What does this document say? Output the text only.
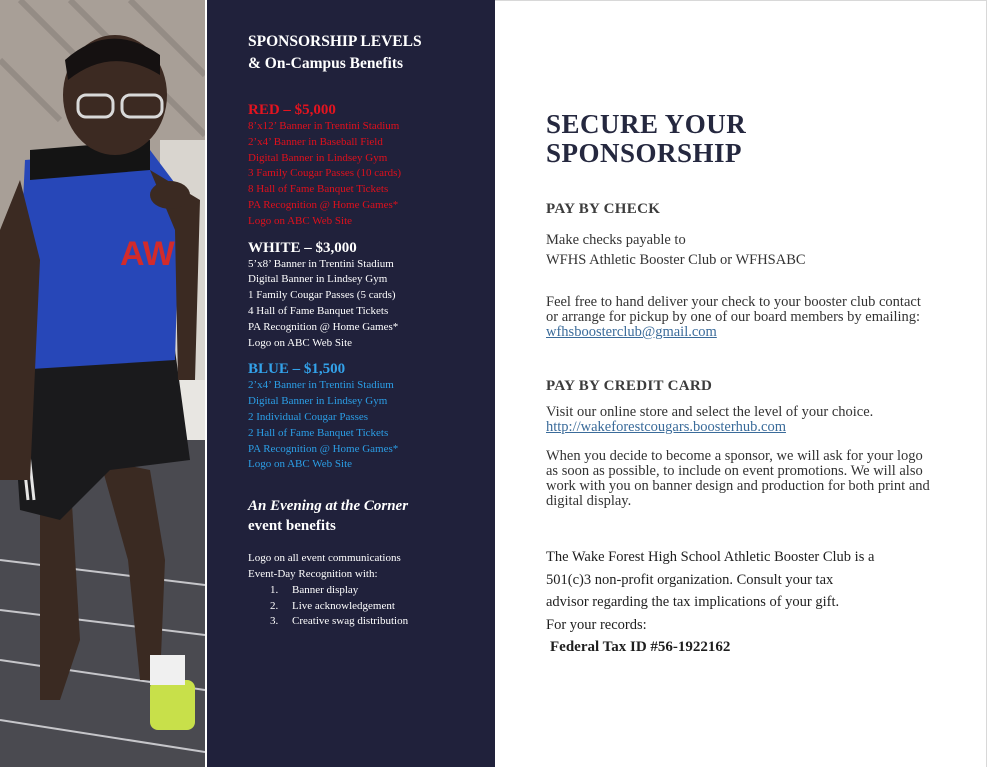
AW
SPONSORSHIP LEVELS
& On-Campus Benefits
RED – $5,000
8’x12’ Banner in Trentini Stadium
2’x4’ Banner in Baseball Field
Digital Banner in Lindsey Gym
3 Family Cougar Passes (10 cards)
8 Hall of Fame Banquet Tickets
PA Recognition @ Home Games*
Logo on ABC Web Site
WHITE – $3,000
5’x8’ Banner in Trentini Stadium
Digital Banner in Lindsey Gym
1 Family Cougar Passes (5 cards)
4 Hall of Fame Banquet Tickets
PA Recognition @ Home Games*
Logo on ABC Web Site
BLUE – $1,500
2’x4’ Banner in Trentini Stadium
Digital Banner in Lindsey Gym
2 Individual Cougar Passes
2 Hall of Fame Banquet Tickets
PA Recognition @ Home Games*
Logo on ABC Web Site
An Evening at the Corner
event benefits
Logo on all event communications
Event-Day Recognition with:
1.	Banner display
2.	Live acknowledgement
3.	Creative swag distribution
SECURE YOUR
SPONSORSHIP
PAY BY CHECK
Make checks payable to
WFHS Athletic Booster Club or WFHSABC
Feel free to hand deliver your check to your booster club contact or arrange for pickup by one of our board members by emailing: wfhsboosterclub@gmail.com
PAY BY CREDIT CARD
Visit our online store and select the level of your choice.
http://wakeforestcougars.boosterhub.com
When you decide to become a sponsor, we will ask for your logo as soon as possible, to include on event promotions. We will also work with you on banner design and production for both print and digital display.
The Wake Forest High School Athletic Booster Club is a
501(c)3 non-profit organization. Consult your tax
advisor regarding the tax implications of your gift.
For your records:
Federal Tax ID #56-1922162
